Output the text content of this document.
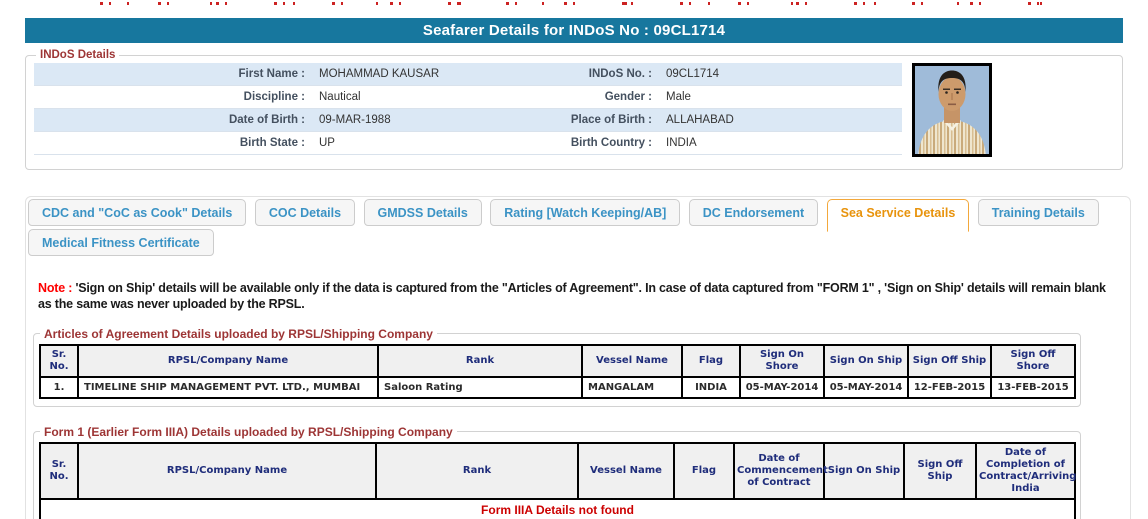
Seafarer Details for INDoS No : 09CL1714
INDoS Details
First Name :	MOHAMMAD KAUSAR	INDoS No. :	09CL1714
Discipline :	Nautical	Gender :	Male
Date of Birth :	09-MAR-1988	Place of Birth :	ALLAHABAD
Birth State :	UP	Birth Country :	INDIA
CDC and "CoC as Cook" Details	COC Details	GMDSS Details	Rating [Watch Keeping/AB]	DC Endorsement	Sea Service Details	Training Details
Medical Fitness Certificate
Note : 'Sign on Ship' details will be available only if the data is captured from the "Articles of Agreement". In case of data captured from "FORM 1" , 'Sign on Ship' details will remain blank as the same was never uploaded by the RPSL.
Articles of Agreement Details uploaded by RPSL/Shipping Company
Sr. No.	RPSL/Company Name	Rank	Vessel Name	Flag	Sign On Shore	Sign On Ship	Sign Off Ship	Sign Off Shore
1.	TIMELINE SHIP MANAGEMENT PVT. LTD., MUMBAI	Saloon Rating	MANGALAM	INDIA	05-MAY-2014	05-MAY-2014	12-FEB-2015	13-FEB-2015
Form 1 (Earlier Form IIIA) Details uploaded by RPSL/Shipping Company
Sr. No.	RPSL/Company Name	Rank	Vessel Name	Flag	Date of Commencement of Contract	Sign On Ship	Sign Off Ship	Date of Completion of Contract/Arriving India
Form IIIA Details not found
